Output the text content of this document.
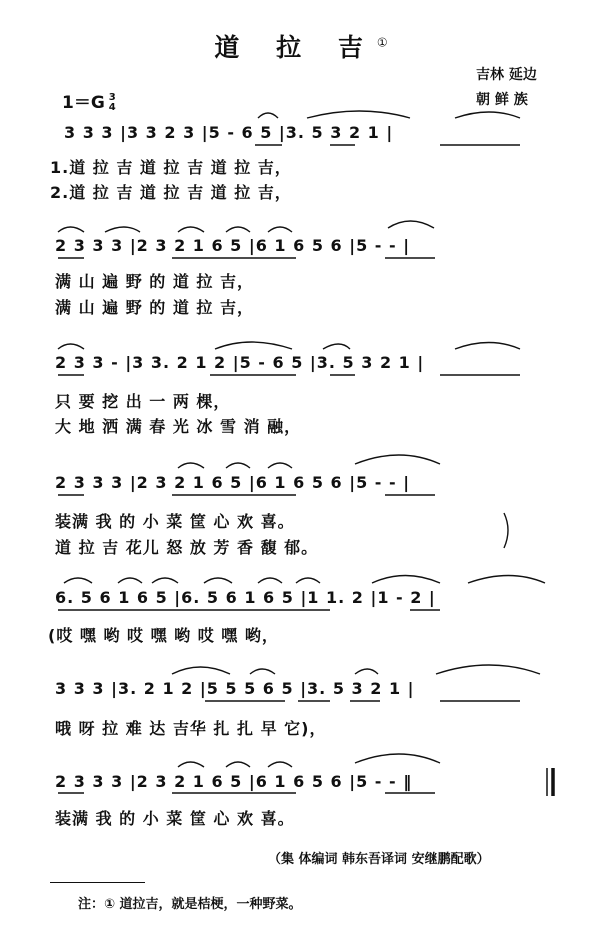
道 拉 吉①
吉林 延边
朝 鲜 族
1＝G 3
4
3 3 3 |3 3 2 3 |5 - 6 5 |3. 5 3 2 1 |
1.道 拉 吉 道 拉 吉 道 拉 吉，
2.道 拉 吉 道 拉 吉 道 拉 吉，
2 3 3 3 |2 3 2 1 6 5 |6 1 6 5 6 |5 - - |
满 山 遍 野 的 道 拉 吉，
满 山 遍 野 的 道 拉 吉，
2 3 3 - |3 3. 2 1 2 |5 - 6 5 |3. 5 3 2 1 |
只 要 挖 出 一 两 棵，
大 地 洒 满 春 光 冰 雪 消 融，
2 3 3 3 |2 3 2 1 6 5 |6 1 6 5 6 |5 - - |
装满 我 的 小 菜 筐 心 欢 喜。
道 拉 吉 花儿 怒 放 芳 香 馥 郁。
6. 5 6 1 6 5 |6. 5 6 1 6 5 |1 1. 2 |1 - 2 |
(哎 嘿 哟 哎 嘿 哟 哎 嘿 哟，
3 3 3 |3. 2 1 2 |5 5 5 6 5 |3. 5 3 2 1 |
哦 呀 拉 难 达 吉华 扎 扎 早 它)，
2 3 3 3 |2 3 2 1 6 5 |6 1 6 5 6 |5 - - ‖
装满 我 的 小 菜 筐 心 欢 喜。
（集 体编词 韩东吾译词 安继鹏配歌）
注：① 道拉吉，就是桔梗，一种野菜。
